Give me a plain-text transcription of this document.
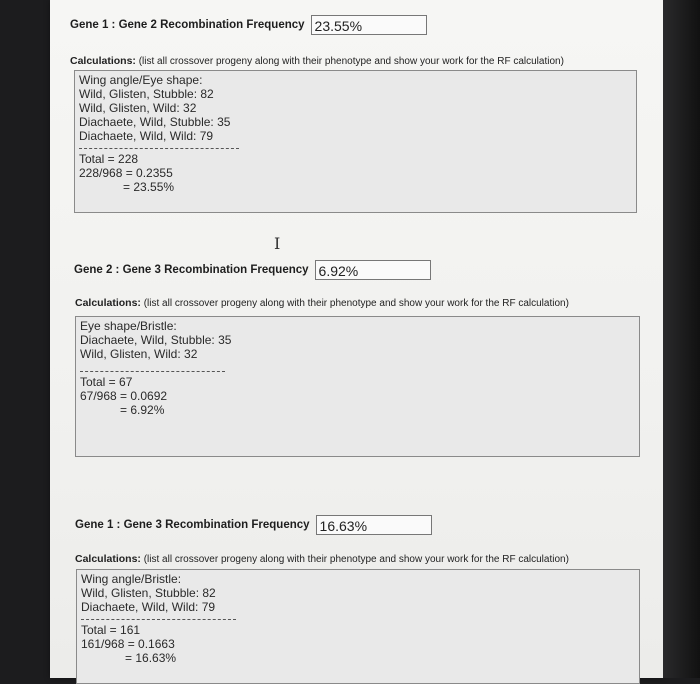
Gene 1 : Gene 2 Recombination Frequency 23.55%
Calculations: (list all crossover progeny along with their phenotype and show your work for the RF calculation)
Wing angle/Eye shape:
Wild, Glisten, Stubble: 82
Wild, Glisten, Wild: 32
Diachaete, Wild, Stubble: 35
Diachaete, Wild, Wild: 79
Total = 228
228/968 = 0.2355
= 23.55%
I
Gene 2 : Gene 3 Recombination Frequency 6.92%
Calculations: (list all crossover progeny along with their phenotype and show your work for the RF calculation)
Eye shape/Bristle:
Diachaete, Wild, Stubble: 35
Wild, Glisten, Wild: 32
Total = 67
67/968 = 0.0692
= 6.92%
Gene 1 : Gene 3 Recombination Frequency 16.63%
Calculations: (list all crossover progeny along with their phenotype and show your work for the RF calculation)
Wing angle/Bristle:
Wild, Glisten, Stubble: 82
Diachaete, Wild, Wild: 79
Total = 161
161/968 = 0.1663
= 16.63%
